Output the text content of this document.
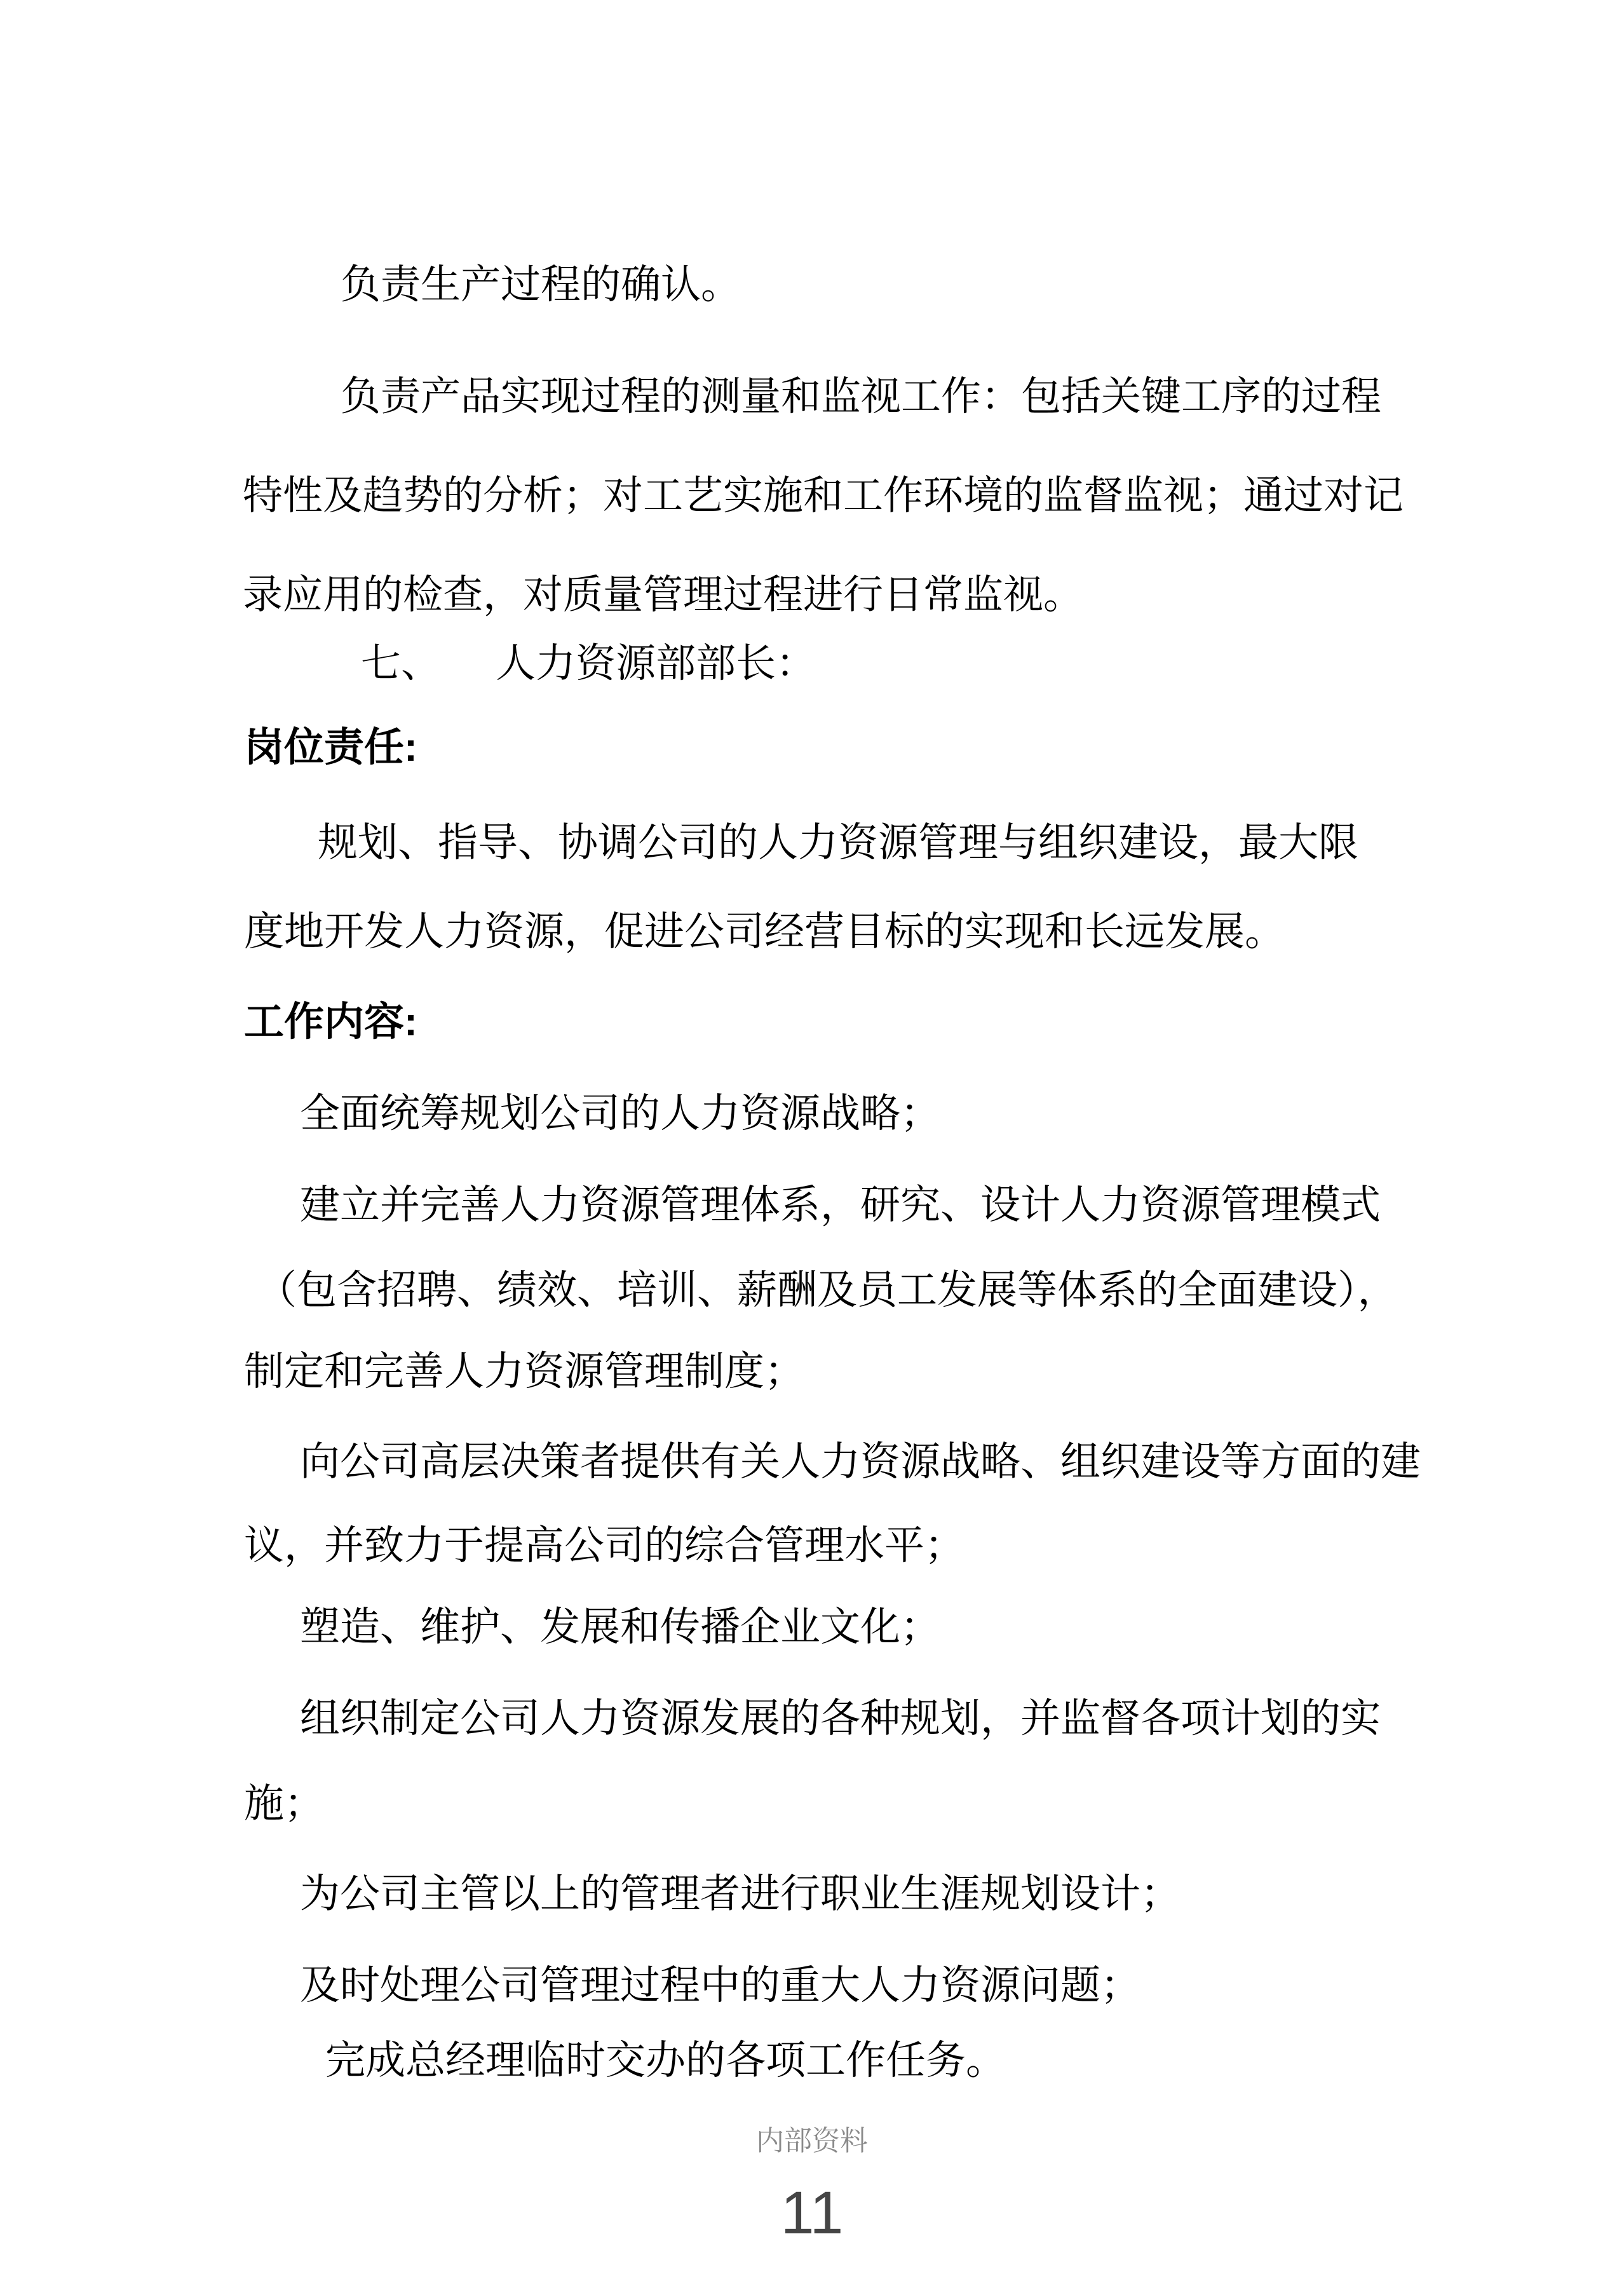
负责生产过程的确认。
负责产品实现过程的测量和监视工作：包括关键工序的过程
特性及趋势的分析；对工艺实施和工作环境的监督监视；通过对记
录应用的检查，对质量管理过程进行日常监视。
七、 人力资源部部长：
岗位责任:
规划、指导、协调公司的人力资源管理与组织建设，最大限
度地开发人力资源，促进公司经营目标的实现和长远发展。
工作内容:
全面统筹规划公司的人力资源战略；
建立并完善人力资源管理体系，研究、设计人力资源管理模式
（包含招聘、绩效、培训、薪酬及员工发展等体系的全面建设），
制定和完善人力资源管理制度；
向公司高层决策者提供有关人力资源战略、组织建设等方面的建
议，并致力于提高公司的综合管理水平；
塑造、维护、发展和传播企业文化；
组织制定公司人力资源发展的各种规划，并监督各项计划的实
施；
为公司主管以上的管理者进行职业生涯规划设计；
及时处理公司管理过程中的重大人力资源问题；
完成总经理临时交办的各项工作任务。
内部资料
11
